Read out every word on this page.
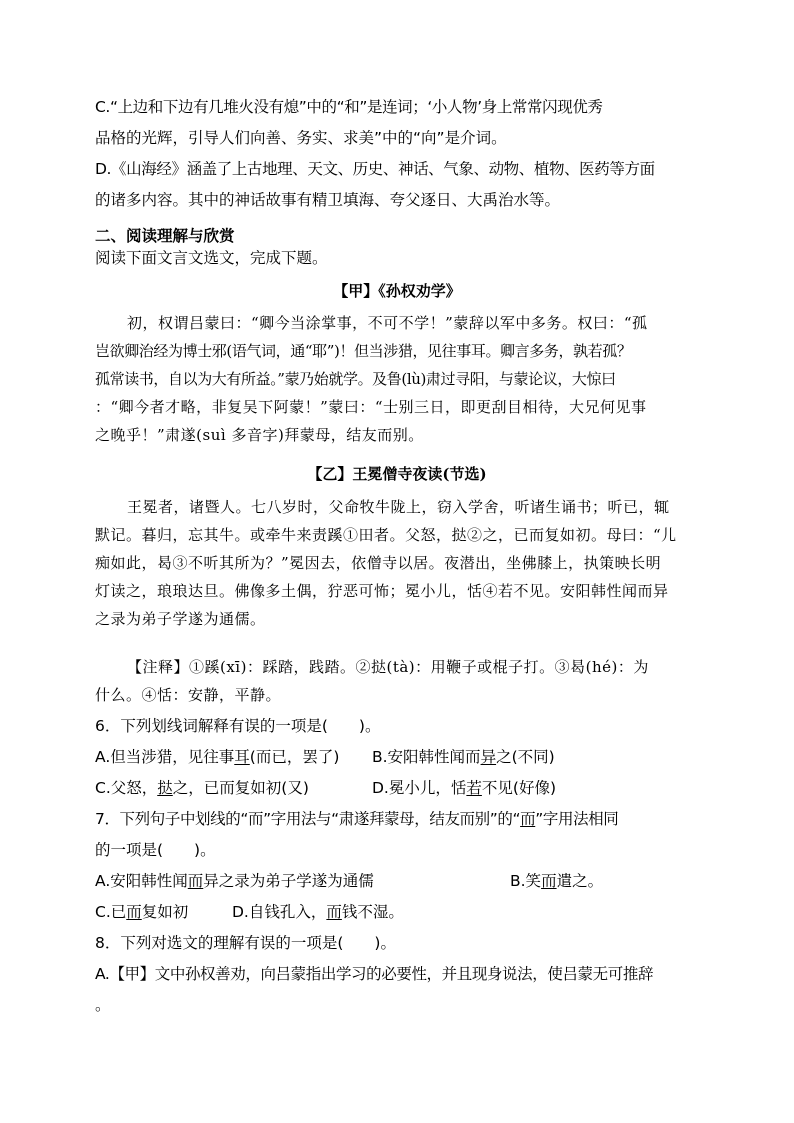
C.“上边和下边有几堆火没有熄”中的“和”是连词；‘小人物’身上常常闪现优秀
品格的光辉，引导人们向善、务实、求美”中的“向”是介词。
D.《山海经》涵盖了上古地理、天文、历史、神话、气象、动物、植物、医药等方面
的诸多内容。其中的神话故事有精卫填海、夸父逐日、大禹治水等。
二、阅读理解与欣赏
阅读下面文言文选文，完成下题。
【甲】《孙权劝学》
初，权谓吕蒙曰：“卿今当涂掌事，不可不学！”蒙辞以军中多务。权曰：“孤
岂欲卿治经为博士邪(语气词，通“耶”)！但当涉猎，见往事耳。卿言多务，孰若孤？
孤常读书，自以为大有所益。”蒙乃始就学。及鲁(lù)肃过寻阳，与蒙论议，大惊曰
：“卿今者才略，非复吴下阿蒙！”蒙曰：“士别三日，即更刮目相待，大兄何见事
之晚乎！”肃遂(suì 多音字)拜蒙母，结友而别。
【乙】王冕僧寺夜读(节选)
王冕者，诸暨人。七八岁时，父命牧牛陇上，窃入学舍，听诸生诵书；听已，辄
默记。暮归，忘其牛。或牵牛来责蹊①田者。父怒，挞②之，已而复如初。母曰：“儿
痴如此，曷③不听其所为？”冕因去，依僧寺以居。夜潜出，坐佛膝上，执策映长明
灯读之，琅琅达旦。佛像多土偶，狞恶可怖；冕小儿，恬④若不见。安阳韩性闻而异
之录为弟子学遂为通儒。
【注释】①蹊(xī)：踩踏，践踏。②挞(tà)：用鞭子或棍子打。③曷(hé)：为
什么。④恬：安静，平静。
6．下列划线词解释有误的一项是(　　)。
A.但当涉猎，见往事耳(而已，罢了) B.安阳韩性闻而异之(不同)
C.父怒，挞之，已而复如初(又)	D.冕小儿，恬若不见(好像)
7．下列句子中划线的“而”字用法与“肃遂拜蒙母，结友而别”的“而”字用法相同
的一项是(　　)。
A.安阳韩性闻而异之录为弟子学遂为通儒	B.笑而遣之。
C.已而复如初	D.自钱孔入，而钱不湿。
8．下列对选文的理解有误的一项是(　　)。
A.【甲】文中孙权善劝，向吕蒙指出学习的必要性，并且现身说法，使吕蒙无可推辞
。
